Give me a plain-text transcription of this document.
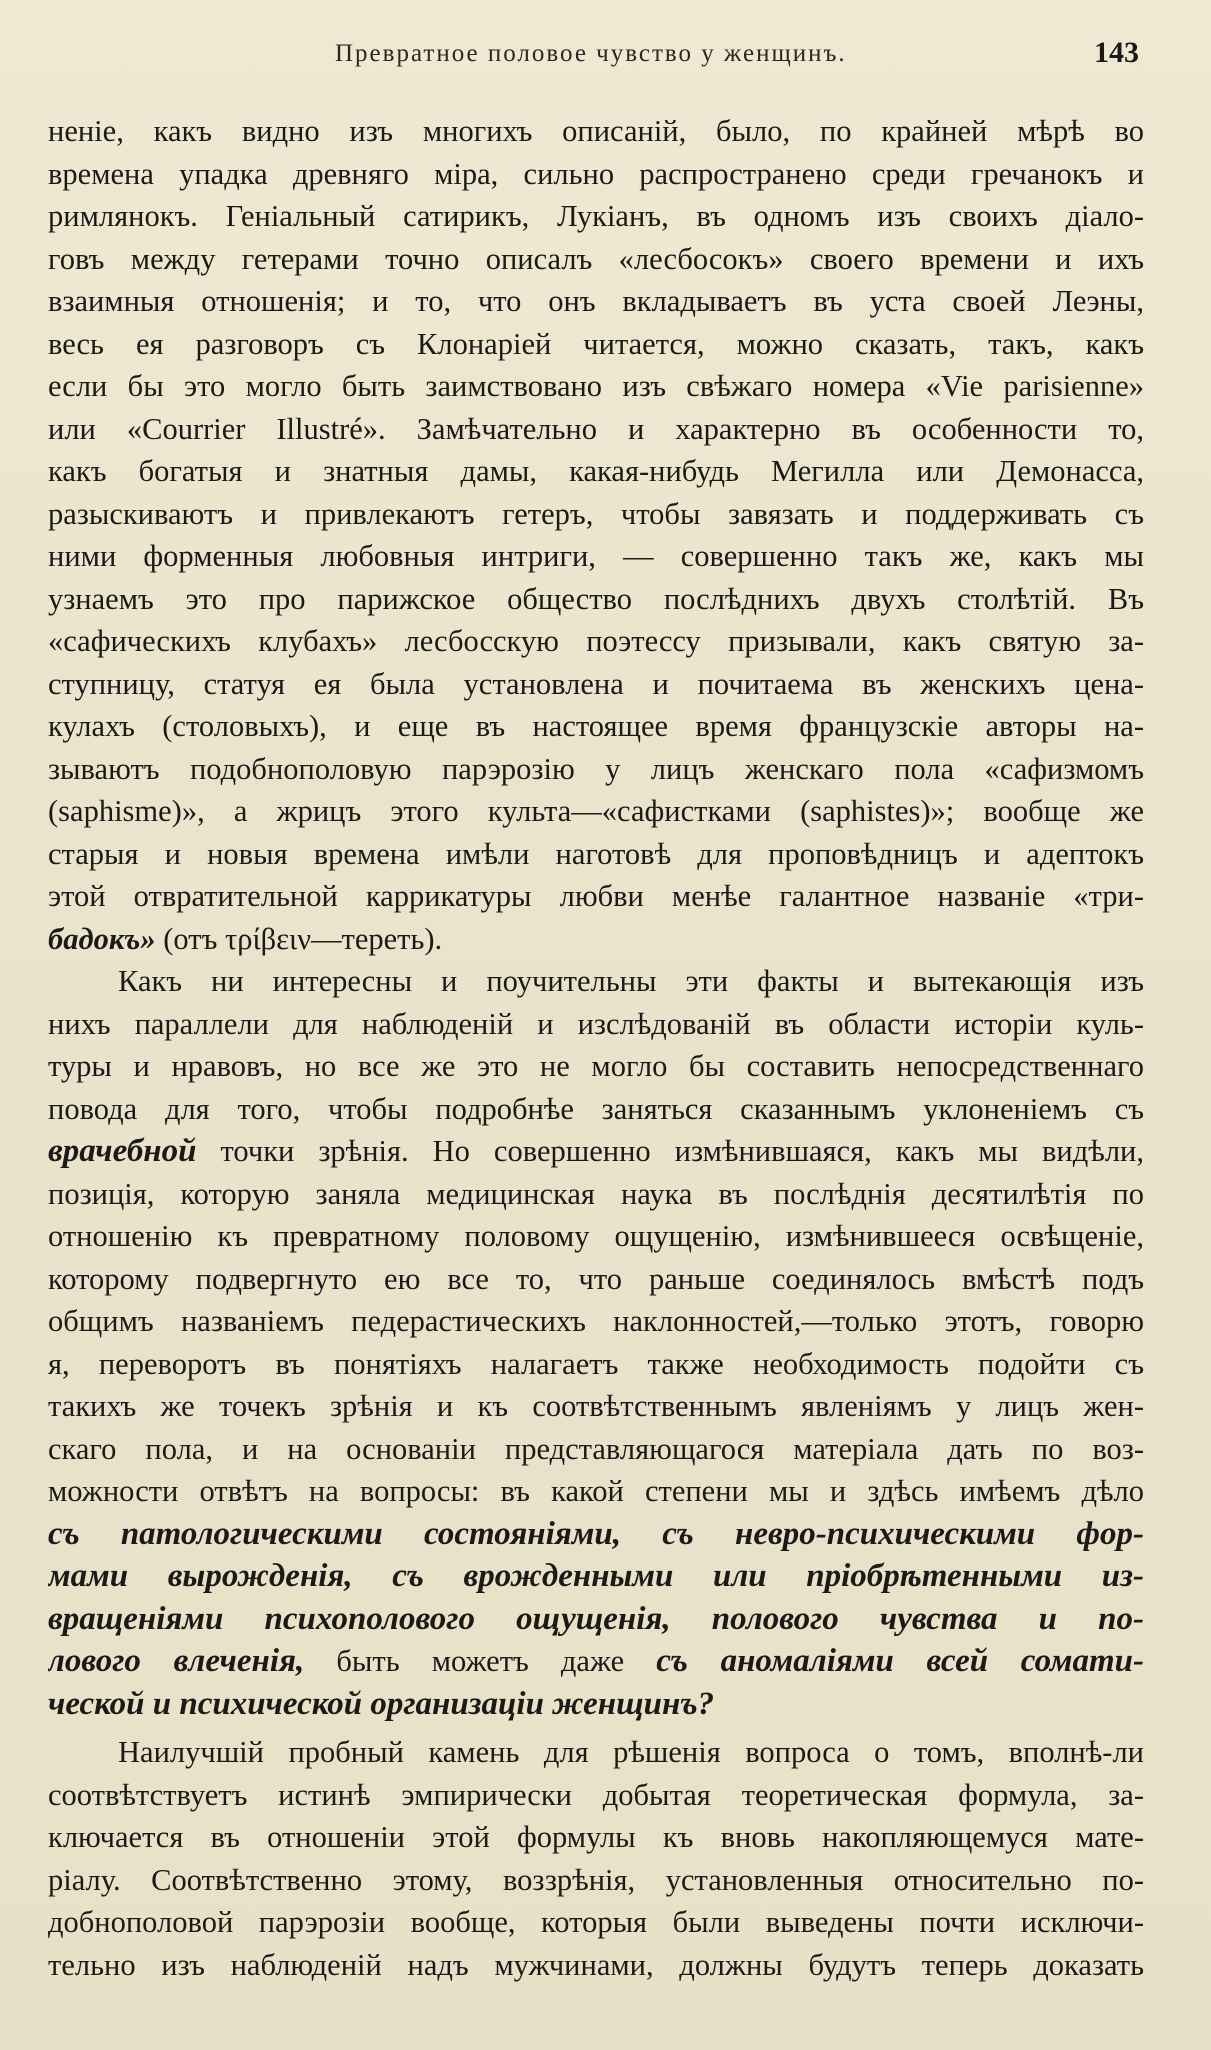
Превратное половое чувство у женщинъ.	143
неніе, какъ видно изъ многихъ описаній, было, по крайней мѣрѣ во
времена упадка древняго міра, сильно распространено среди гречанокъ и
римлянокъ. Геніальный сатирикъ, Лукіанъ, въ одномъ изъ своихъ діало-
говъ между гетерами точно описалъ «лесбосокъ» своего времени и ихъ
взаимныя отношенія; и то, что онъ вкладываетъ въ уста своей Леэны,
весь ея разговоръ съ Клонаріей читается, можно сказать, такъ, какъ
если бы это могло быть заимствовано изъ свѣжаго номера «Vie parisienne»
или «Courrier Illustré». Замѣчательно и характерно въ особенности то,
какъ богатыя и знатныя дамы, какая-нибудь Мегилла или Демонасса,
разыскиваютъ и привлекаютъ гетеръ, чтобы завязать и поддерживать съ
ними форменныя любовныя интриги, — совершенно такъ же, какъ мы
узнаемъ это про парижское общество послѣднихъ двухъ столѣтій. Въ
«сафическихъ клубахъ» лесбосскую поэтессу призывали, какъ святую за-
ступницу, статуя ея была установлена и почитаема въ женскихъ цена-
кулахъ (столовыхъ), и еще въ настоящее время французскіе авторы на-
зываютъ подобнополовую парэрозію у лицъ женскаго пола «сафизмомъ
(saphisme)», а жрицъ этого культа—«сафистками (saphistes)»; вообще же
старыя и новыя времена имѣли наготовѣ для проповѣдницъ и адептокъ
этой отвратительной каррикатуры любви менѣе галантное названіе «три-
бадокъ» (отъ τρίβειν—тереть).
Какъ ни интересны и поучительны эти факты и вытекающія изъ
нихъ параллели для наблюденій и изслѣдованій въ области исторіи куль-
туры и нравовъ, но все же это не могло бы составить непосредственнаго
повода для того, чтобы подробнѣе заняться сказаннымъ уклоненіемъ съ
врачебной точки зрѣнія. Но совершенно измѣнившаяся, какъ мы видѣли,
позиція, которую заняла медицинская наука въ послѣднія десятилѣтія по
отношенію къ превратному половому ощущенію, измѣнившееся освѣщеніе,
которому подвергнуто ею все то, что раньше соединялось вмѣстѣ подъ
общимъ названіемъ педерастическихъ наклонностей,—только этотъ, говорю
я, переворотъ въ понятіяхъ налагаетъ также необходимость подойти съ
такихъ же точекъ зрѣнія и къ соотвѣтственнымъ явленіямъ у лицъ жен-
скаго пола, и на основаніи представляющагося матеріала дать по воз-
можности отвѣтъ на вопросы: въ какой степени мы и здѣсь имѣемъ дѣло
съ патологическими состояніями, съ невро-психическими фор-
мами вырожденія, съ врожденными или пріобрѣтенными из-
вращеніями психополового ощущенія, полового чувства и по-
лового влеченія, быть можетъ даже съ аномаліями всей сомати-
ческой и психической организаціи женщинъ?
Наилучшій пробный камень для рѣшенія вопроса о томъ, вполнѣ-ли
соотвѣтствуетъ истинѣ эмпирически добытая теоретическая формула, за-
ключается въ отношеніи этой формулы къ вновь накопляющемуся мате-
ріалу. Соотвѣтственно этому, воззрѣнія, установленныя относительно по-
добнополовой парэрозіи вообще, которыя были выведены почти исключи-
тельно изъ наблюденій надъ мужчинами, должны будутъ теперь доказать
